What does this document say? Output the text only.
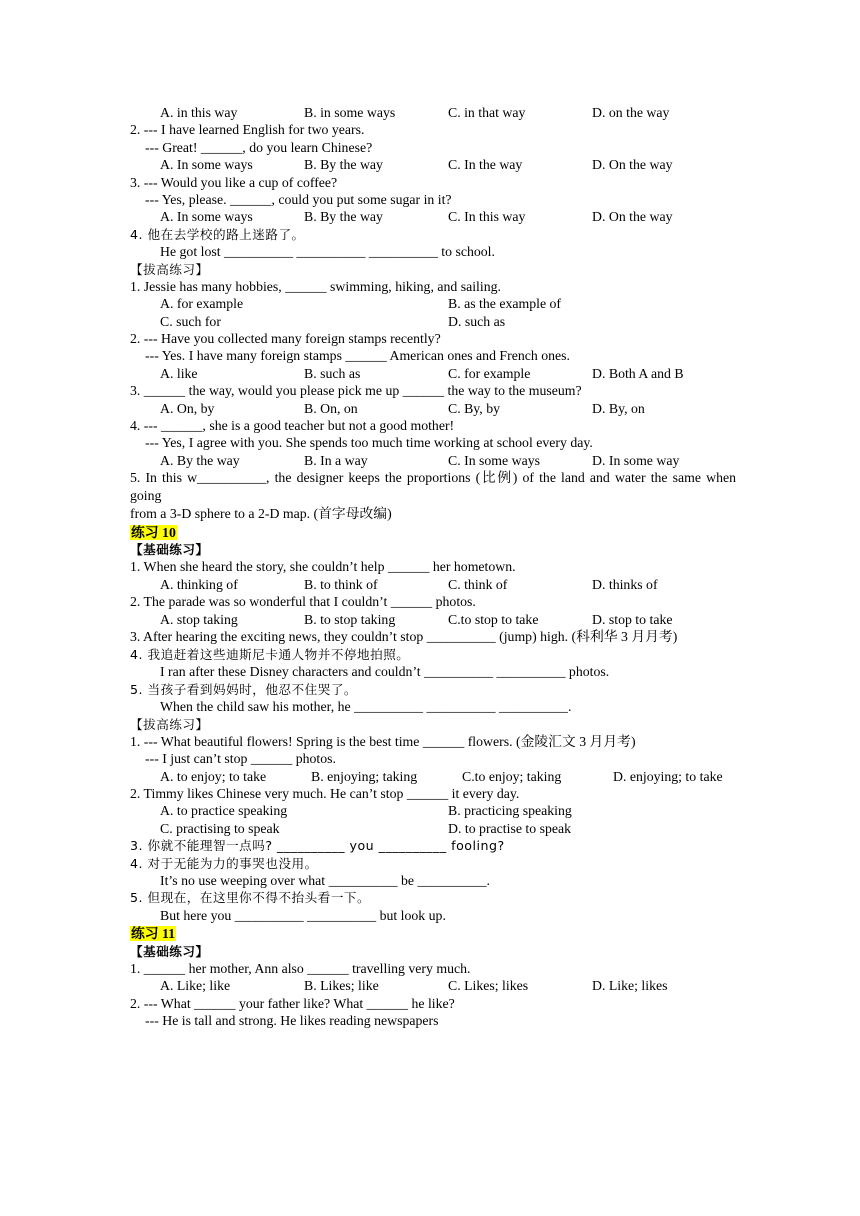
A. in this way	B. in some ways	C. in that way	D. on the way
2. --- I have learned English for two years.
--- Great! ______, do you learn Chinese?
A. In some ways	B. By the way	C. In the way	D. On the way
3. --- Would you like a cup of coffee?
--- Yes, please. ______, could you put some sugar in it?
A. In some ways	B. By the way	C. In this way	D. On the way
4. 他在去学校的路上迷路了。
He got lost __________ __________ __________ to school.
【拔高练习】
1. Jessie has many hobbies, ______ swimming, hiking, and sailing.
A. for example	B. as the example of
C. such for	D. such as
2. --- Have you collected many foreign stamps recently?
--- Yes. I have many foreign stamps ______ American ones and French ones.
A. like	B. such as	C. for example	D. Both A and B
3. ______ the way, would you please pick me up ______ the way to the museum?
A. On, by	B. On, on	C. By, by	D. By, on
4. --- ______, she is a good teacher but not a good mother!
--- Yes, I agree with you. She spends too much time working at school every day.
A. By the way	B. In a way	C. In some ways	D. In some way
5. In this w__________, the designer keeps the proportions (比例) of the land and water the same when going
from a 3-D sphere to a 2-D map. (首字母改编)
练习 10
【基础练习】
1. When she heard the story, she couldn’t help ______ her hometown.
A. thinking of	B. to think of	C. think of	D. thinks of
2. The parade was so wonderful that I couldn’t ______ photos.
A. stop taking	B. to stop taking	C.to stop to take	D. stop to take
3. After hearing the exciting news, they couldn’t stop __________ (jump) high. (科利华 3 月月考)
4. 我追赶着这些迪斯尼卡通人物并不停地拍照。
I ran after these Disney characters and couldn’t __________ __________ photos.
5. 当孩子看到妈妈时，他忍不住哭了。
When the child saw his mother, he __________ __________ __________.
【拔高练习】
1. --- What beautiful flowers! Spring is the best time ______ flowers. (金陵汇文 3 月月考)
--- I just can’t stop ______ photos.
A. to enjoy; to take	B. enjoying; taking	C.to enjoy; taking	D. enjoying; to take
2. Timmy likes Chinese very much. He can’t stop ______ it every day.
A. to practice speaking	B. practicing speaking
C. practising to speak	D. to practise to speak
3. 你就不能理智一点吗? __________ you __________ fooling?
4. 对于无能为力的事哭也没用。
It’s no use weeping over what __________ be __________.
5. 但现在，在这里你不得不抬头看一下。
But here you __________ __________ but look up.
练习 11
【基础练习】
1. ______ her mother, Ann also ______ travelling very much.
A. Like; like	B. Likes; like	C. Likes; likes	D. Like; likes
2. --- What ______ your father like? What ______ he like?
--- He is tall and strong. He likes reading newspapers
